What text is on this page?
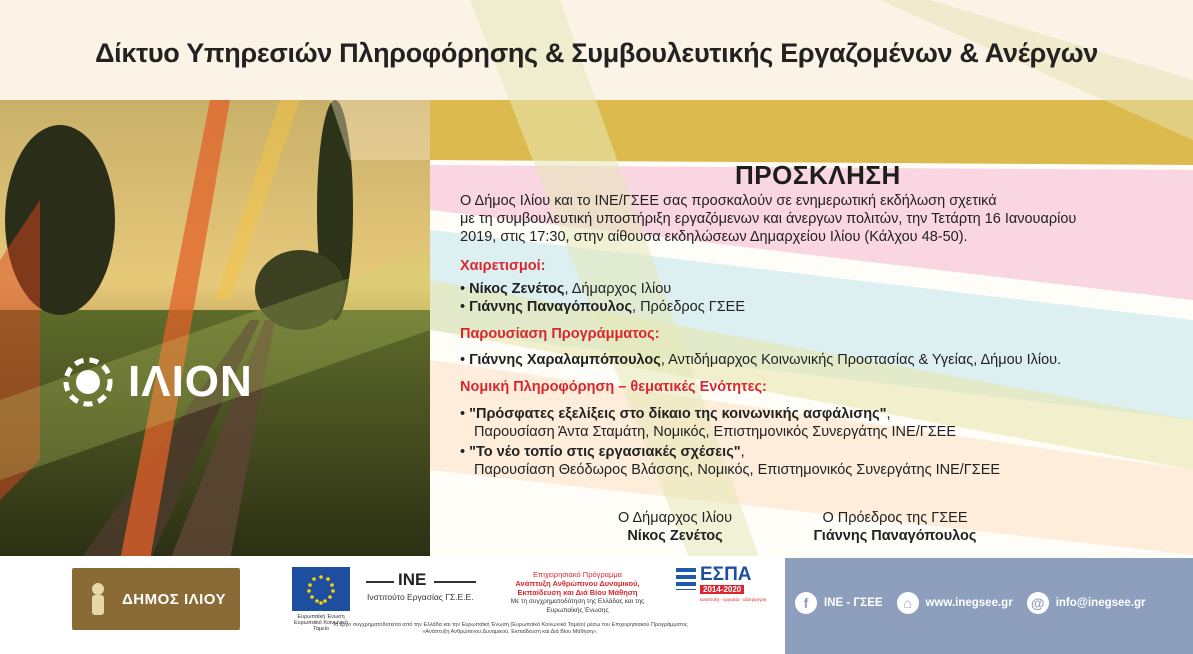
Δίκτυο Υπηρεσιών Πληροφόρησης & Συμβουλευτικής Εργαζομένων & Ανέργων
ΙΛΙΟΝ
ΠΡΟΣΚΛΗΣΗ
Ο Δήμος Ιλίου και το ΙΝΕ/ΓΣΕΕ σας προσκαλούν σε ενημερωτική εκδήλωση σχετικά
με τη συμβουλευτική υποστήριξη εργαζόμενων και άνεργων πολιτών, την Τετάρτη 16 Ιανουαρίου
2019, στις 17:30, στην αίθουσα εκδηλώσεων Δημαρχείου Ιλίου (Κάλχου 48-50).
Χαιρετισμοί:
• Νίκος Ζενέτος, Δήμαρχος Ιλίου
• Γιάννης Παναγόπουλος, Πρόεδρος ΓΣΕΕ
Παρουσίαση Προγράμματος:
• Γιάννης Χαραλαμπόπουλος, Αντιδήμαρχος Κοινωνικής Προστασίας & Υγείας, Δήμου Ιλίου.
Νομική Πληροφόρηση – θεματικές Ενότητες:
• "Πρόσφατες εξελίξεις στο δίκαιο της κοινωνικής ασφάλισης",
Παρουσίαση Άντα Σταμάτη, Νομικός, Επιστημονικός Συνεργάτης ΙΝΕ/ΓΣΕΕ
• "Το νέο τοπίο στις εργασιακές σχέσεις",
Παρουσίαση Θεόδωρος Βλάσσης, Νομικός, Επιστημονικός Συνεργάτης ΙΝΕ/ΓΣΕΕ
Ο Δήμαρχος Ιλίου
Νίκος Ζενέτος
Ο Πρόεδρος της ΓΣΕΕ
Γιάννης Παναγόπουλος
ΔΗΜΟΣ ΙΛΙΟΥ
Ευρωπαϊκή Ένωση
Ευρωπαϊκό Κοινωνικό Ταμείο
ΙΝΕ
Ινστιτούτο Εργασίας ΓΣ.Ε.Ε.
Επιχειρησιακό Πρόγραμμα
Ανάπτυξη Ανθρώπινου Δυναμικού,
Εκπαίδευση και Διά Βίου Μάθηση
Με τη συγχρηματοδότηση της Ελλάδας και της Ευρωπαϊκής Ένωσης
ΕΣΠΑ
2014-2020
ανάπτυξη - εργασία - αλληλεγγύη
Το έργο συγχρηματοδοτείται από την Ελλάδα και την Ευρωπαϊκή Ένωση (Ευρωπαϊκό Κοινωνικό Ταμείο) μέσω του Επιχειρησιακού Προγράμματος
«Ανάπτυξη Ανθρώπινου Δυναμικού, Εκπαίδευση και Διά Βίου Μάθηση».
f	ΙΝΕ - ΓΣΕΕ	⌂	www.inegsee.gr @ info@inegsee.gr
